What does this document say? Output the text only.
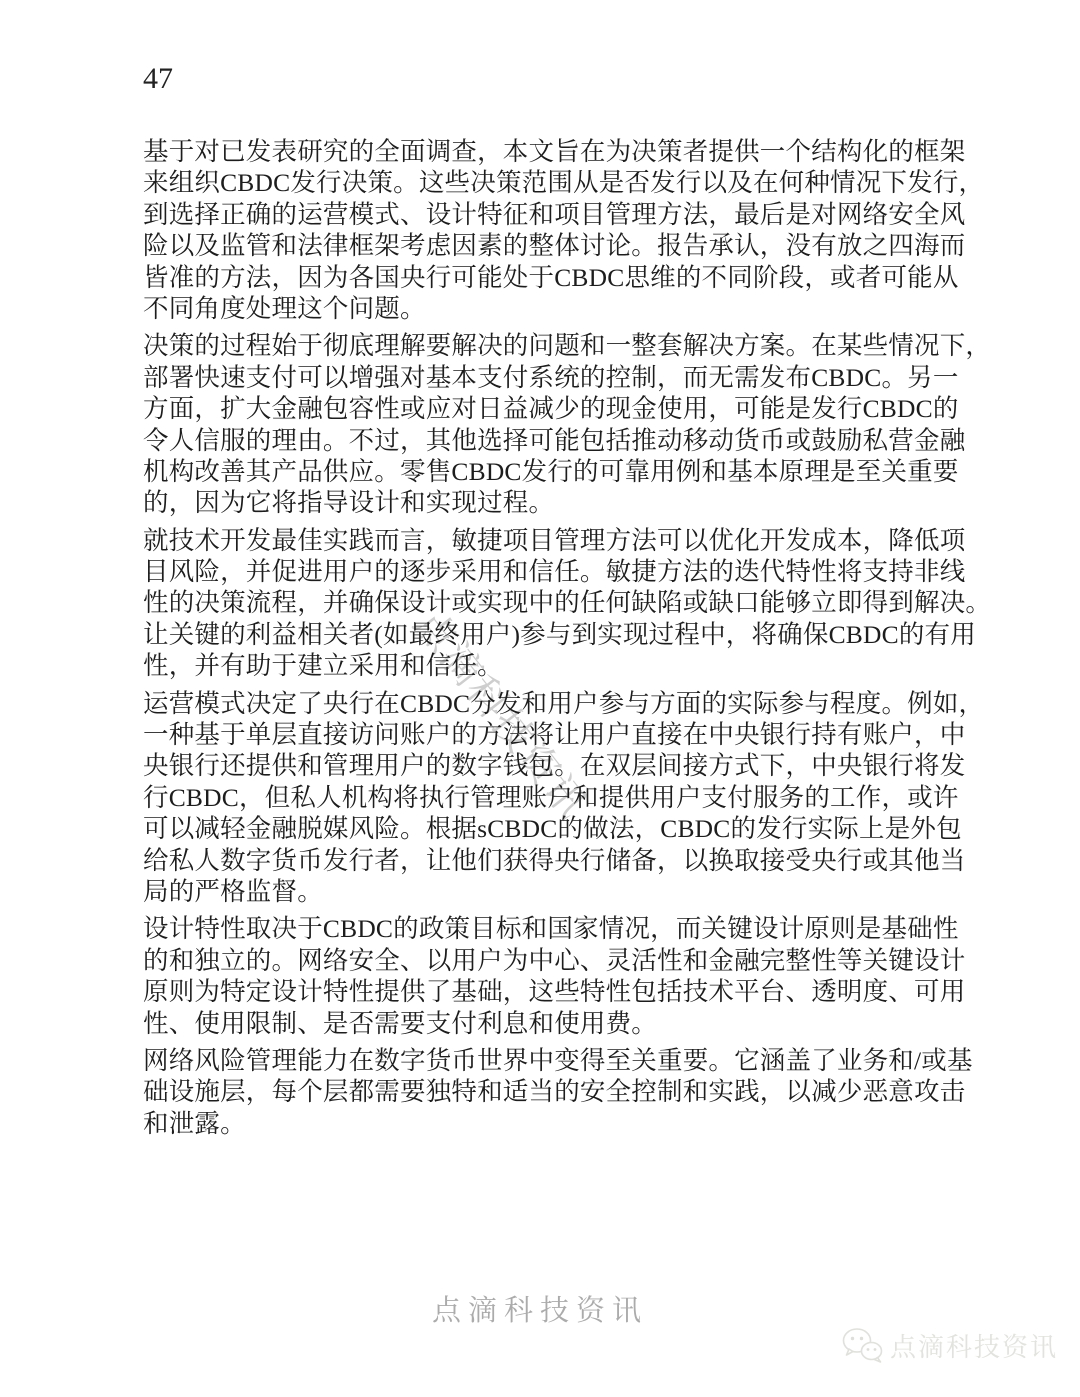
47
点滴科技资讯

基于对已发表研究的全面调查，本文旨在为决策者提供一个结构化的框架
来组织CBDC发行决策。这些决策范围从是否发行以及在何种情况下发行，
到选择正确的运营模式、设计特征和项目管理方法，最后是对网络安全风
险以及监管和法律框架考虑因素的整体讨论。报告承认，没有放之四海而
皆准的方法，因为各国央行可能处于CBDC思维的不同阶段，或者可能从
不同角度处理这个问题。

决策的过程始于彻底理解要解决的问题和一整套解决方案。在某些情况下，
部署快速支付可以增强对基本支付系统的控制，而无需发布CBDC。另一
方面，扩大金融包容性或应对日益减少的现金使用，可能是发行CBDC的
令人信服的理由。不过，其他选择可能包括推动移动货币或鼓励私营金融
机构改善其产品供应。零售CBDC发行的可靠用例和基本原理是至关重要
的，因为它将指导设计和实现过程。

就技术开发最佳实践而言，敏捷项目管理方法可以优化开发成本，降低项
目风险，并促进用户的逐步采用和信任。敏捷方法的迭代特性将支持非线
性的决策流程，并确保设计或实现中的任何缺陷或缺口能够立即得到解决。
让关键的利益相关者(如最终用户)参与到实现过程中，将确保CBDC的有用
性，并有助于建立采用和信任。

运营模式决定了央行在CBDC分发和用户参与方面的实际参与程度。例如，
一种基于单层直接访问账户的方法将让用户直接在中央银行持有账户，中
央银行还提供和管理用户的数字钱包。在双层间接方式下，中央银行将发
行CBDC，但私人机构将执行管理账户和提供用户支付服务的工作，或许
可以减轻金融脱媒风险。根据sCBDC的做法，CBDC的发行实际上是外包
给私人数字货币发行者，让他们获得央行储备，以换取接受央行或其他当
局的严格监督。

设计特性取决于CBDC的政策目标和国家情况，而关键设计原则是基础性
的和独立的。网络安全、以用户为中心、灵活性和金融完整性等关键设计
原则为特定设计特性提供了基础，这些特性包括技术平台、透明度、可用
性、使用限制、是否需要支付利息和使用费。

网络风险管理能力在数字货币世界中变得至关重要。它涵盖了业务和/或基
础设施层，每个层都需要独特和适当的安全控制和实践，以减少恶意攻击
和泄露。

点滴科技资讯
点滴科技资讯
